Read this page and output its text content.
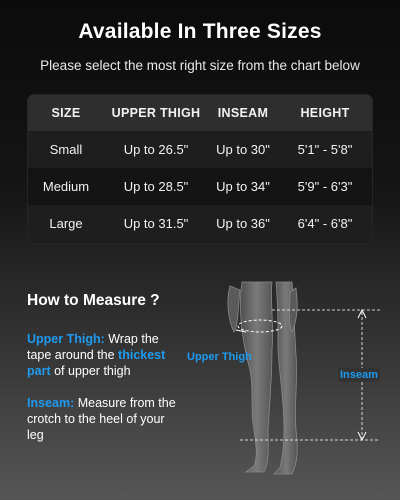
Available In Three Sizes
Please select the most right size from the chart below
SIZE	UPPER THIGH	INSEAM	HEIGHT
Small	Up to 26.5"	Up to 30"	5'1" - 5'8"
Medium	Up to 28.5"	Up to 34"	5'9" - 6'3"
Large	Up to 31.5"	Up to 36"	6'4" - 6'8"
How to Measure ?
Upper Thigh: Wrap the tape around the thickest part of upper thigh
Inseam: Measure from the crotch to the heel of your leg
Upper Thigh
Inseam
